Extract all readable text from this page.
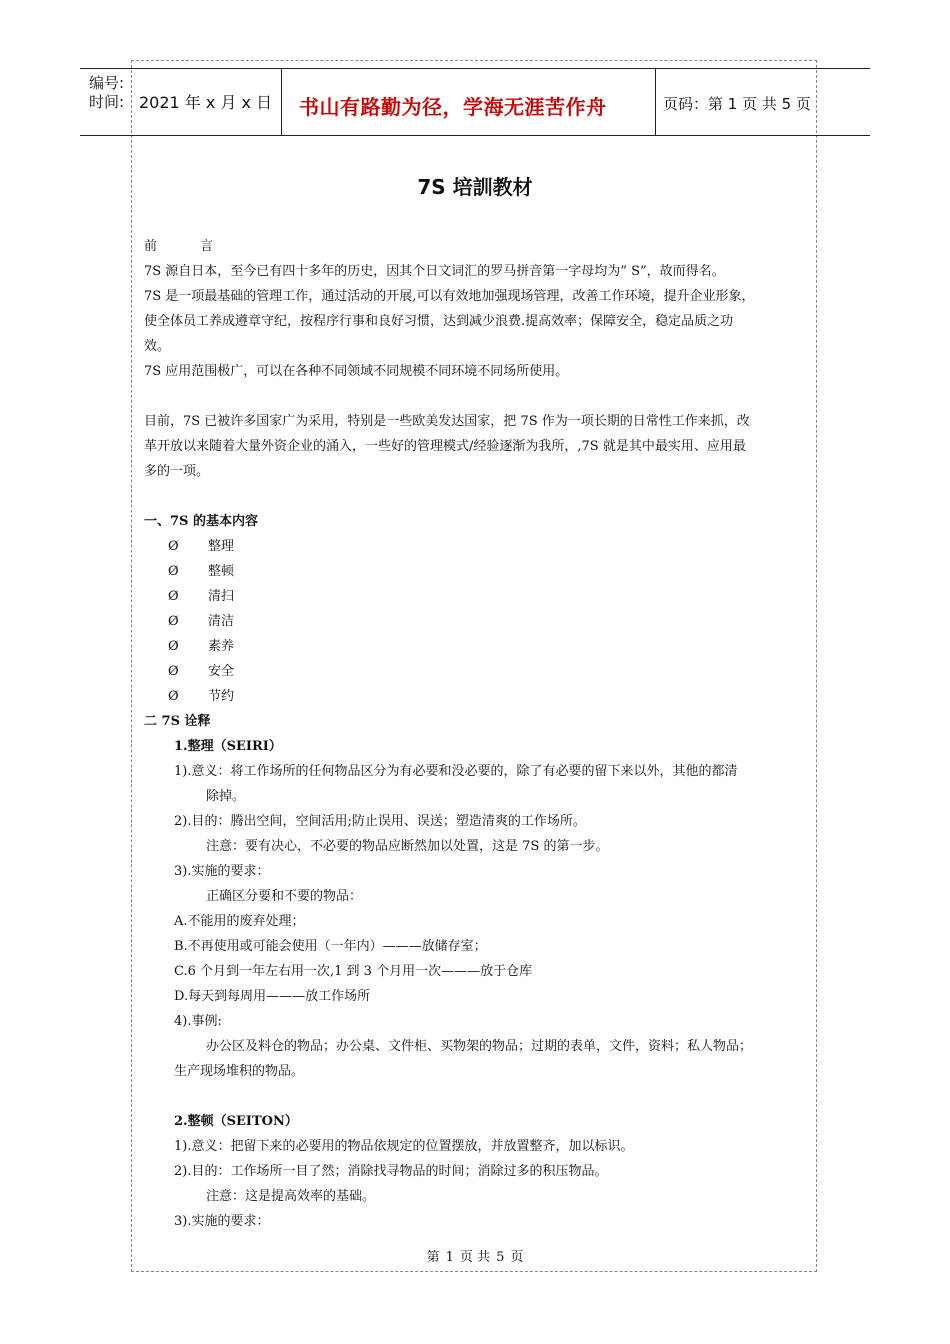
编号:
时间: 2021 年 x 月 x 日 书山有路勤为径，学海无涯苦作舟	页码：第 1 页 共 5 页
7S 培訓教材

前 言

7S 源自日本，至今已有四十多年的历史，因其个日文词汇的罗马拼音第一字母均为” S”，故而得名。

7S 是一项最基础的管理工作，通过活动的开展,可以有效地加强现场管理，改善工作环境，提升企业形象，

使全体员工养成遵章守纪，按程序行事和良好习惯，达到减少浪费.提高效率；保障安全，稳定品质之功

效。

7S 应用范围极广，可以在各种不同领域不同规模不同环境不同场所使用。

目前，7S 已被许多国家广为采用，特别是一些欧美发达国家，把 7S 作为一项长期的日常性工作来抓，改

革开放以来随着大量外资企业的涌入，一些好的管理模式/经验逐渐为我所，,7S 就是其中最实用、应用最

多的一项。

一、7S 的基本内容

Ø 整理

Ø 整顿

Ø 清扫

Ø 清洁

Ø 素养

Ø 安全

Ø 节约

二 7S 诠释

1.整理（SEIRI）

1).意义：将工作场所的任何物品区分为有必要和没必要的，除了有必要的留下来以外，其他的都清

除掉。

2).目的：腾出空间，空间活用;防止误用、误送；塑造清爽的工作场所。

注意：要有决心，不必要的物品应断然加以处置，这是 7S 的第一步。

3).实施的要求：

正确区分要和不要的物品：

A.不能用的废弃处理；

B.不再使用或可能会使用（一年内）———放储存室；

C.6 个月到一年左右用一次,1 到 3 个月用一次———放于仓库

D.每天到每周用———放工作场所

4).事例:

办公区及料仓的物品；办公桌、文件柜、买物架的物品；过期的表单，文件，资料；私人物品；

生产现场堆积的物品。

2.整顿（SEITON）

1).意义：把留下来的必要用的物品依规定的位置摆放，并放置整齐，加以标识。

2).目的：工作场所一目了然；消除找寻物品的时间；消除过多的积压物品。

注意：这是提高效率的基础。

3).实施的要求：

第 1 页 共 5 页
